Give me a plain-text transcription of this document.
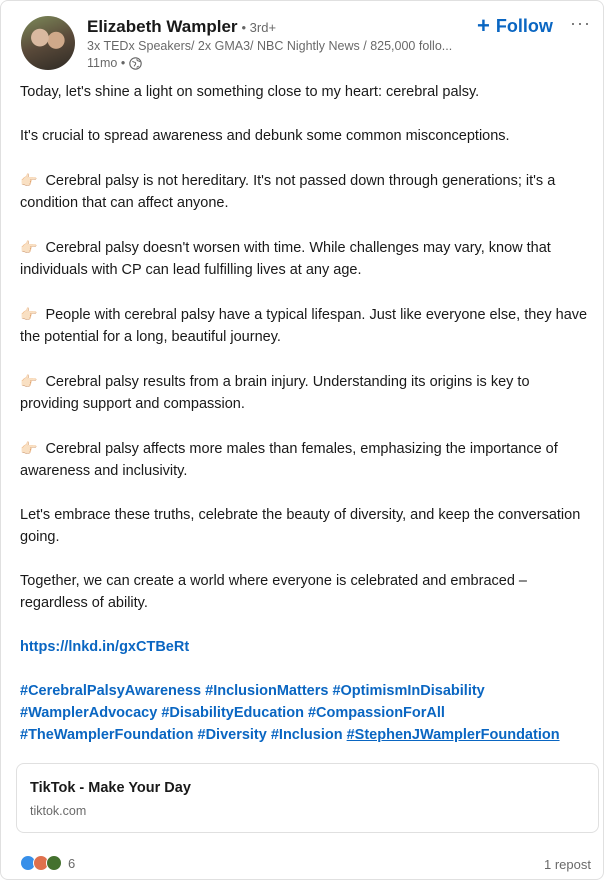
Elizabeth Wampler • 3rd+
3x TEDx Speakers/ 2x GMA3/ NBC Nightly News / 825,000 follo...
11mo •
+ Follow ···

Today, let's shine a light on something close to my heart: cerebral palsy.

It's crucial to spread awareness and debunk some common misconceptions.

👉🏻 Cerebral palsy is not hereditary. It's not passed down through generations; it's a condition that can affect anyone.

👉🏻 Cerebral palsy doesn't worsen with time. While challenges may vary, know that individuals with CP can lead fulfilling lives at any age.

👉🏻 People with cerebral palsy have a typical lifespan. Just like everyone else, they have the potential for a long, beautiful journey.

👉🏻 Cerebral palsy results from a brain injury. Understanding its origins is key to providing support and compassion.

👉🏻 Cerebral palsy affects more males than females, emphasizing the importance of awareness and inclusivity.

Let's embrace these truths, celebrate the beauty of diversity, and keep the conversation going.

Together, we can create a world where everyone is celebrated and embraced – regardless of ability.

https://lnkd.in/gxCTBeRt

#CerebralPalsyAwareness #InclusionMatters #OptimismInDisability
#WamplerAdvocacy #DisabilityEducation #CompassionForAll
#TheWamplerFoundation #Diversity #Inclusion #StephenJWamplerFoundation

TikTok - Make Your Day
tiktok.com
6	1 repost
